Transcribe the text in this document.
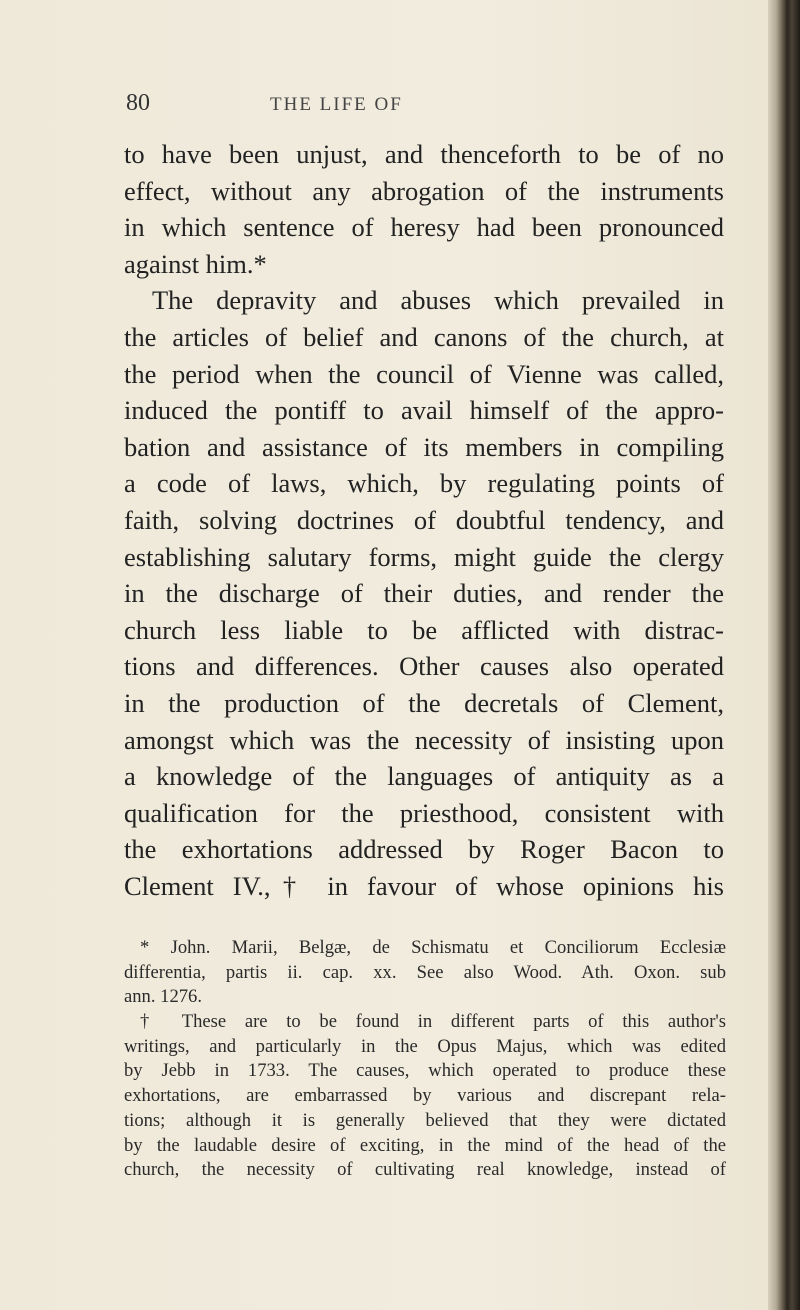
80	THE LIFE OF
to have been unjust, and thenceforth to be of no
effect, without any abrogation of the instruments
in which sentence of heresy had been pronounced
against him.*
The depravity and abuses which prevailed in
the articles of belief and canons of the church, at
the period when the council of Vienne was called,
induced the pontiff to avail himself of the appro-
bation and assistance of its members in compiling
a code of laws, which, by regulating points of
faith, solving doctrines of doubtful tendency, and
establishing salutary forms, might guide the clergy
in the discharge of their duties, and render the
church less liable to be afflicted with distrac-
tions and differences. Other causes also operated
in the production of the decretals of Clement,
amongst which was the necessity of insisting upon
a knowledge of the languages of antiquity as a
qualification for the priesthood, consistent with
the exhortations addressed by Roger Bacon to
Clement IV.,† in favour of whose opinions his
* John. Marii, Belgæ, de Schismatu et Conciliorum Ecclesiæ
differentia, partis ii. cap. xx. See also Wood. Ath. Oxon. sub
ann. 1276.
† These are to be found in different parts of this author's
writings, and particularly in the Opus Majus, which was edited
by Jebb in 1733. The causes, which operated to produce these
exhortations, are embarrassed by various and discrepant rela-
tions; although it is generally believed that they were dictated
by the laudable desire of exciting, in the mind of the head of the
church, the necessity of cultivating real knowledge, instead of
